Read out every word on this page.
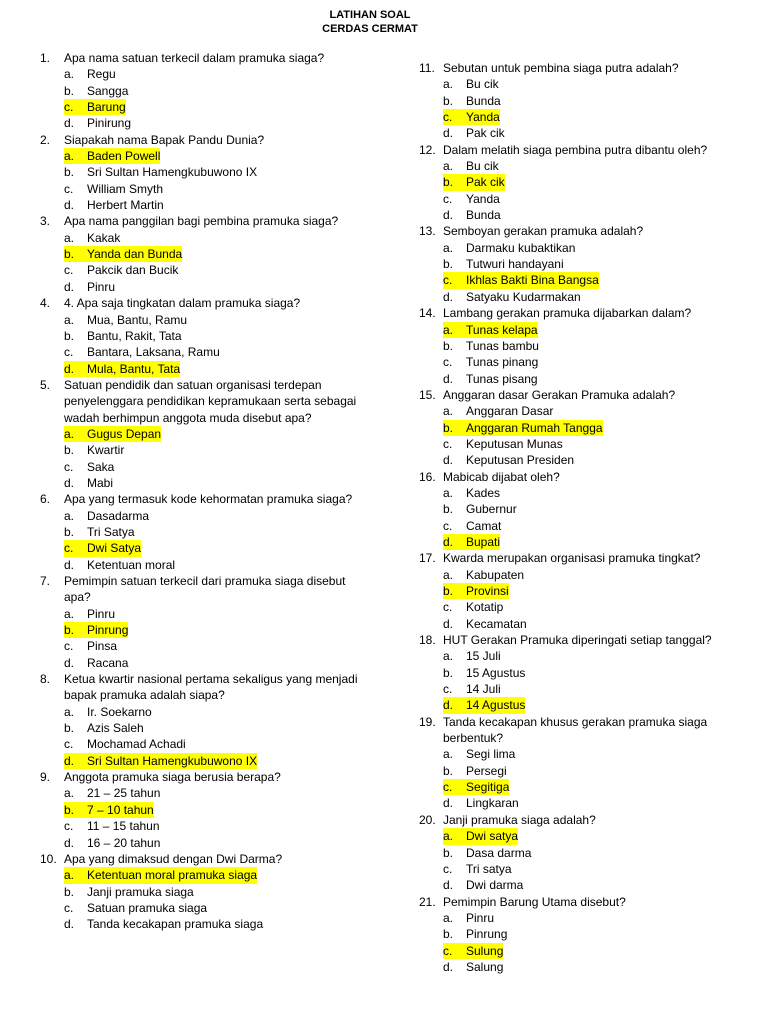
LATIHAN SOAL
CERDAS CERMAT
1.	Apa nama satuan terkecil dalam pramuka siaga?
a.	Regu
b.	Sangga
c.	Barung
d.	Pinirung
2.	Siapakah nama Bapak Pandu Dunia?
a.	Baden Powell
b.	Sri Sultan Hamengkubuwono IX
c.	William Smyth
d.	Herbert Martin
3.	Apa nama panggilan bagi pembina pramuka siaga?
a.	Kakak
b.	Yanda dan Bunda
c.	Pakcik dan Bucik
d.	Pinru
4.	4. Apa saja tingkatan dalam pramuka siaga?
a.	Mua, Bantu, Ramu
b.	Bantu, Rakit, Tata
c.	Bantara, Laksana, Ramu
d.	Mula, Bantu, Tata
5.	Satuan pendidik dan satuan organisasi terdepan penyelenggara pendidikan kepramukaan serta sebagai wadah berhimpun anggota muda disebut apa?
a.	Gugus Depan
b.	Kwartir
c.	Saka
d.	Mabi
6.	Apa yang termasuk kode kehormatan pramuka siaga?
a.	Dasadarma
b.	Tri Satya
c.	Dwi Satya
d.	Ketentuan moral
7.	Pemimpin satuan terkecil dari pramuka siaga disebut apa?
a.	Pinru
b.	Pinrung
c.	Pinsa
d.	Racana
8.	Ketua kwartir nasional pertama sekaligus yang menjadi bapak pramuka adalah siapa?
a.	Ir. Soekarno
b.	Azis Saleh
c.	Mochamad Achadi
d.	Sri Sultan Hamengkubuwono IX
9.	Anggota pramuka siaga berusia berapa?
a.	21 – 25 tahun
b.	7 – 10 tahun
c.	11 – 15 tahun
d.	16 – 20 tahun
10. Apa yang dimaksud dengan Dwi Darma?
a.	Ketentuan moral pramuka siaga
b.	Janji pramuka siaga
c.	Satuan pramuka siaga
d.	Tanda kecakapan pramuka siaga
11. Sebutan untuk pembina siaga putra adalah?
a.	Bu cik
b.	Bunda
c.	Yanda
d.	Pak cik
12. Dalam melatih siaga pembina putra dibantu oleh?
a.	Bu cik
b.	Pak cik
c.	Yanda
d.	Bunda
13. Semboyan gerakan pramuka adalah?
a.	Darmaku kubaktikan
b.	Tutwuri handayani
c.	Ikhlas Bakti Bina Bangsa
d.	Satyaku Kudarmakan
14. Lambang gerakan pramuka dijabarkan dalam?
a.	Tunas kelapa
b.	Tunas bambu
c.	Tunas pinang
d.	Tunas pisang
15. Anggaran dasar Gerakan Pramuka adalah?
a.	Anggaran Dasar
b.	Anggaran Rumah Tangga
c.	Keputusan Munas
d.	Keputusan Presiden
16. Mabicab dijabat oleh?
a.	Kades
b.	Gubernur
c.	Camat
d.	Bupati
17. Kwarda merupakan organisasi pramuka tingkat?
a.	Kabupaten
b.	Provinsi
c.	Kotatip
d.	Kecamatan
18. HUT Gerakan Pramuka diperingati setiap tanggal?
a.	15 Juli
b.	15 Agustus
c.	14 Juli
d.	14 Agustus
19. Tanda kecakapan khusus gerakan pramuka siaga berbentuk?
a.	Segi lima
b.	Persegi
c.	Segitiga
d.	Lingkaran
20. Janji pramuka siaga adalah?
a.	Dwi satya
b.	Dasa darma
c.	Tri satya
d.	Dwi darma
21. Pemimpin Barung Utama disebut?
a.	Pinru
b.	Pinrung
c.	Sulung
d.	Salung
